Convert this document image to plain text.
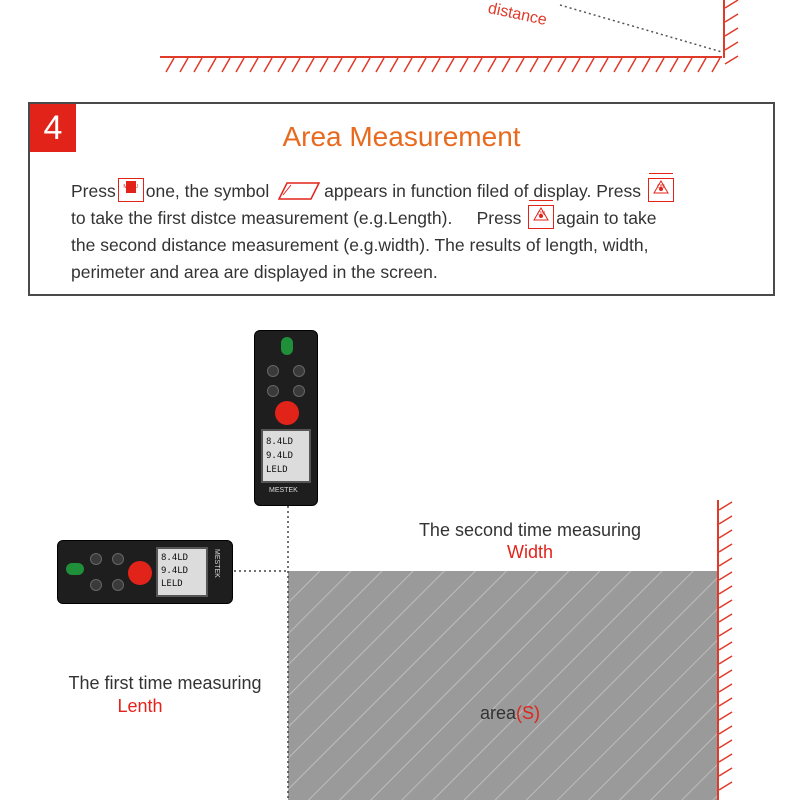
distance
4	Area Measurement
Press MENU one, the symbol	appears in function filed of display. Press
ON
to take the first distce measurement (e.g.Length). Press ON again to take
the second distance measurement (e.g.width). The results of length, width,
perimeter and area are displayed in the screen.
8.4LD
9.4LD
LELD
MESTEK
8.4LD
9.4LD
LELD
MESTEK
The second time measuring
Width
The first time measuring
Lenth	area(S)
